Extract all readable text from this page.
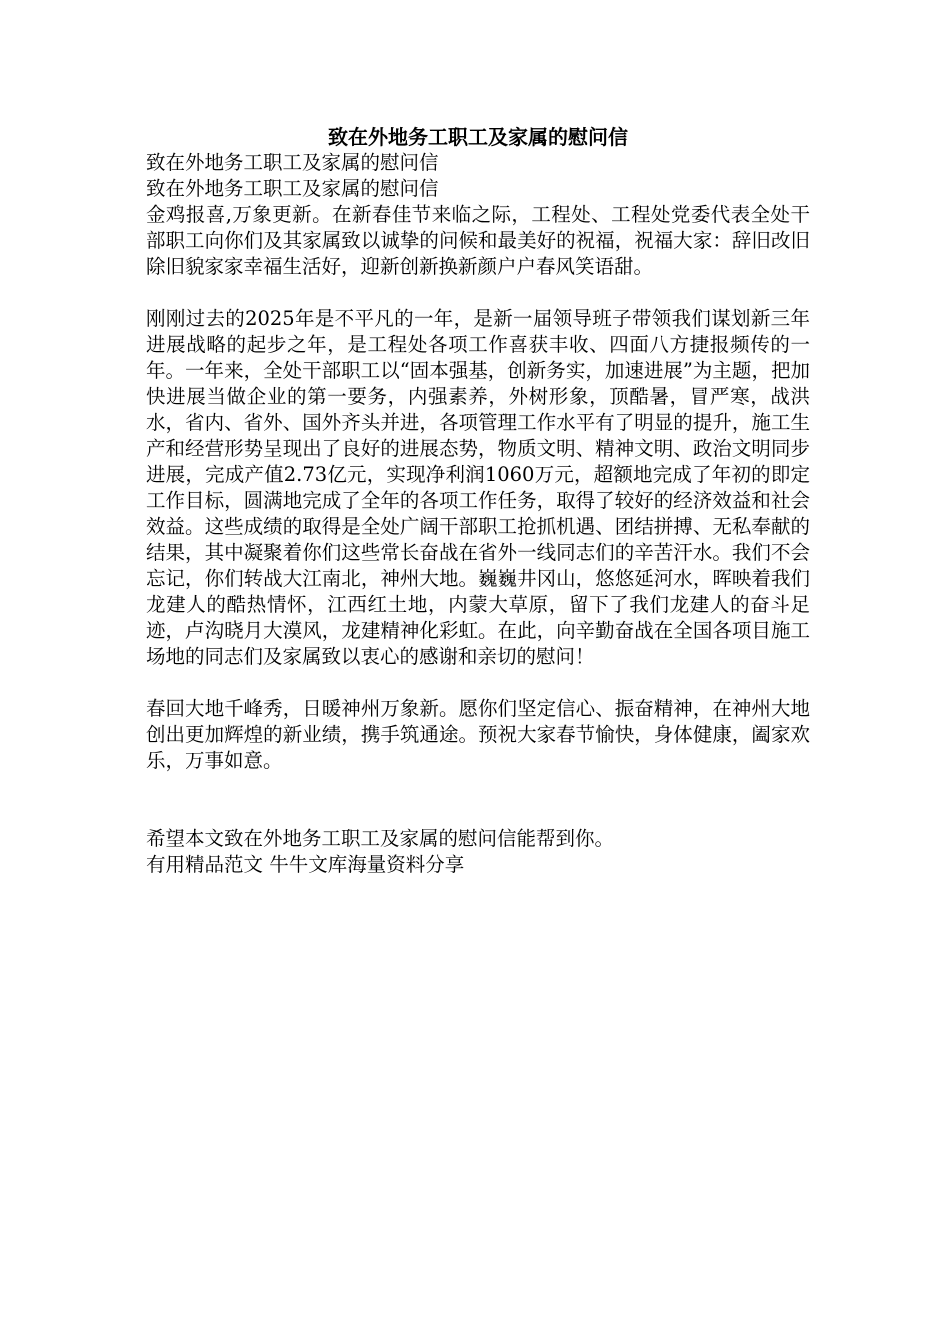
致在外地务工职工及家属的慰问信

致在外地务工职工及家属的慰问信

致在外地务工职工及家属的慰问信

金鸡报喜,万象更新。在新春佳节来临之际，工程处、工程处党委代表全处干部职工向你们及其家属致以诚挚的问候和最美好的祝福，祝福大家：辞旧改旧除旧貌家家幸福生活好，迎新创新换新颜户户春风笑语甜。

刚刚过去的2025年是不平凡的一年，是新一届领导班子带领我们谋划新三年进展战略的起步之年，是工程处各项工作喜获丰收、四面八方捷报频传的一年。一年来，全处干部职工以“固本强基，创新务实，加速进展”为主题，把加快进展当做企业的第一要务，内强素养，外树形象，顶酷暑，冒严寒，战洪水，省内、省外、国外齐头并进，各项管理工作水平有了明显的提升，施工生产和经营形势呈现出了良好的进展态势，物质文明、精神文明、政治文明同步进展，完成产值2.73亿元，实现净利润1060万元，超额地完成了年初的即定工作目标，圆满地完成了全年的各项工作任务，取得了较好的经济效益和社会效益。这些成绩的取得是全处广阔干部职工抢抓机遇、团结拼搏、无私奉献的结果，其中凝聚着你们这些常长奋战在省外一线同志们的辛苦汗水。我们不会忘记，你们转战大江南北，神州大地。巍巍井冈山，悠悠延河水，晖映着我们龙建人的酷热情怀，江西红土地，内蒙大草原，留下了我们龙建人的奋斗足迹，卢沟晓月大漠风，龙建精神化彩虹。在此，向辛勤奋战在全国各项目施工场地的同志们及家属致以衷心的感谢和亲切的慰问！

春回大地千峰秀，日暖神州万象新。愿你们坚定信心、振奋精神，在神州大地创出更加辉煌的新业绩，携手筑通途。预祝大家春节愉快，身体健康，阖家欢乐，万事如意。

希望本文致在外地务工职工及家属的慰问信能帮到你。

有用精品范文 牛牛文库海量资料分享
